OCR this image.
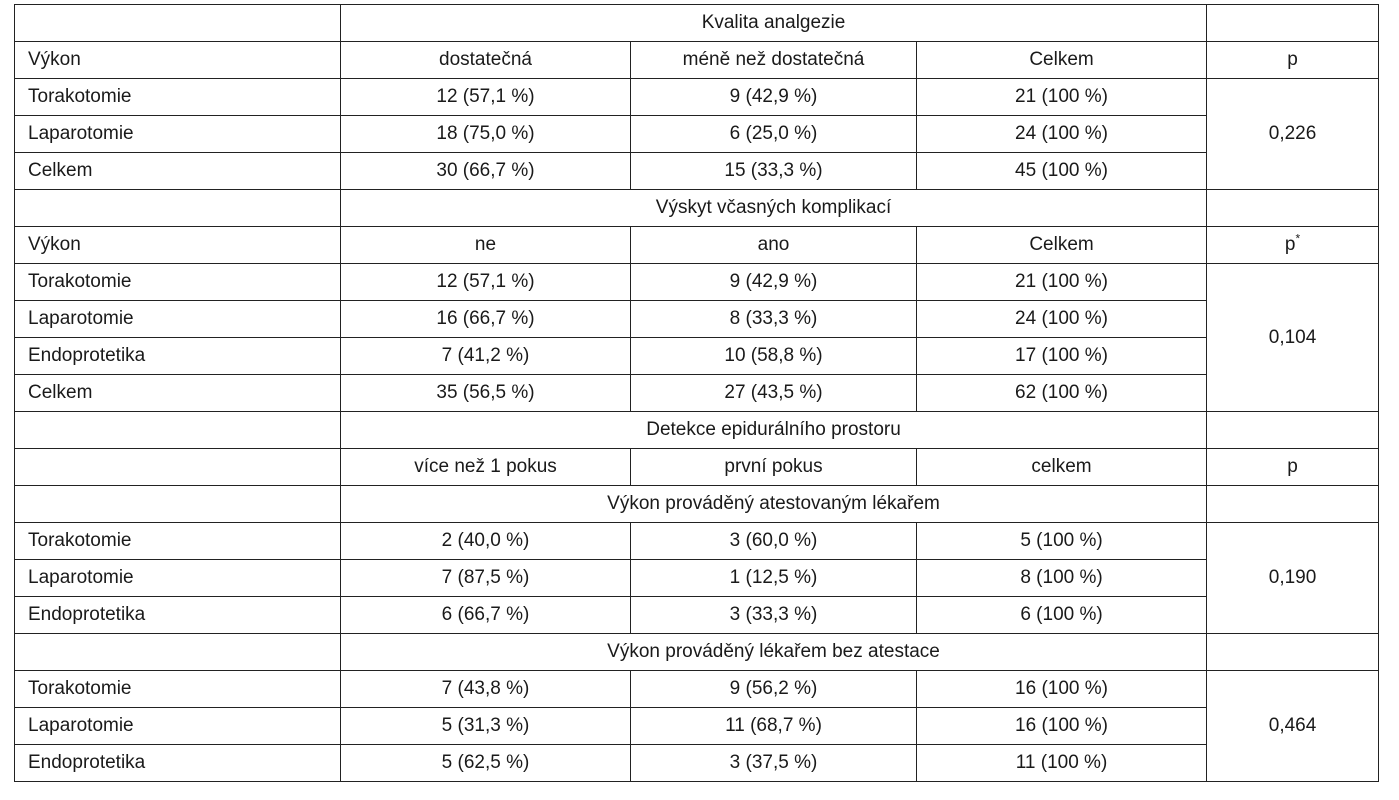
	Kvalita analgezie			
Výkon	dostatečná	méně než dostatečná	Celkem	p
Torakotomie	12 (57,1 %)	9 (42,9 %)	21 (100 %)	0,226
Laparotomie	18 (75,0 %)	6 (25,0 %)	24 (100 %)	
Celkem	30 (66,7 %)	15 (33,3 %)	45 (100 %)	
	Výskyt včasných komplikací			
Výkon	ne	ano	Celkem	p*
Torakotomie	12 (57,1 %)	9 (42,9 %)	21 (100 %)	0,104
Laparotomie	16 (66,7 %)	8 (33,3 %)	24 (100 %)	
Endoprotetika	7 (41,2 %)	10 (58,8 %)	17 (100 %)	
Celkem	35 (56,5 %)	27 (43,5 %)	62 (100 %)	
	Detekce epidurálního prostoru			
	více než 1 pokus	první pokus	celkem	p
	Výkon prováděný atestovaným lékařem			
Torakotomie	2 (40,0 %)	3 (60,0 %)	5 (100 %)	0,190
Laparotomie	7 (87,5 %)	1 (12,5 %)	8 (100 %)	
Endoprotetika	6 (66,7 %)	3 (33,3 %)	6 (100 %)	
	Výkon prováděný lékařem bez atestace			
Torakotomie	7 (43,8 %)	9 (56,2 %)	16 (100 %)	0,464
Laparotomie	5 (31,3 %)	11 (68,7 %)	16 (100 %)	
Endoprotetika	5 (62,5 %)	3 (37,5 %)	11 (100 %)	
